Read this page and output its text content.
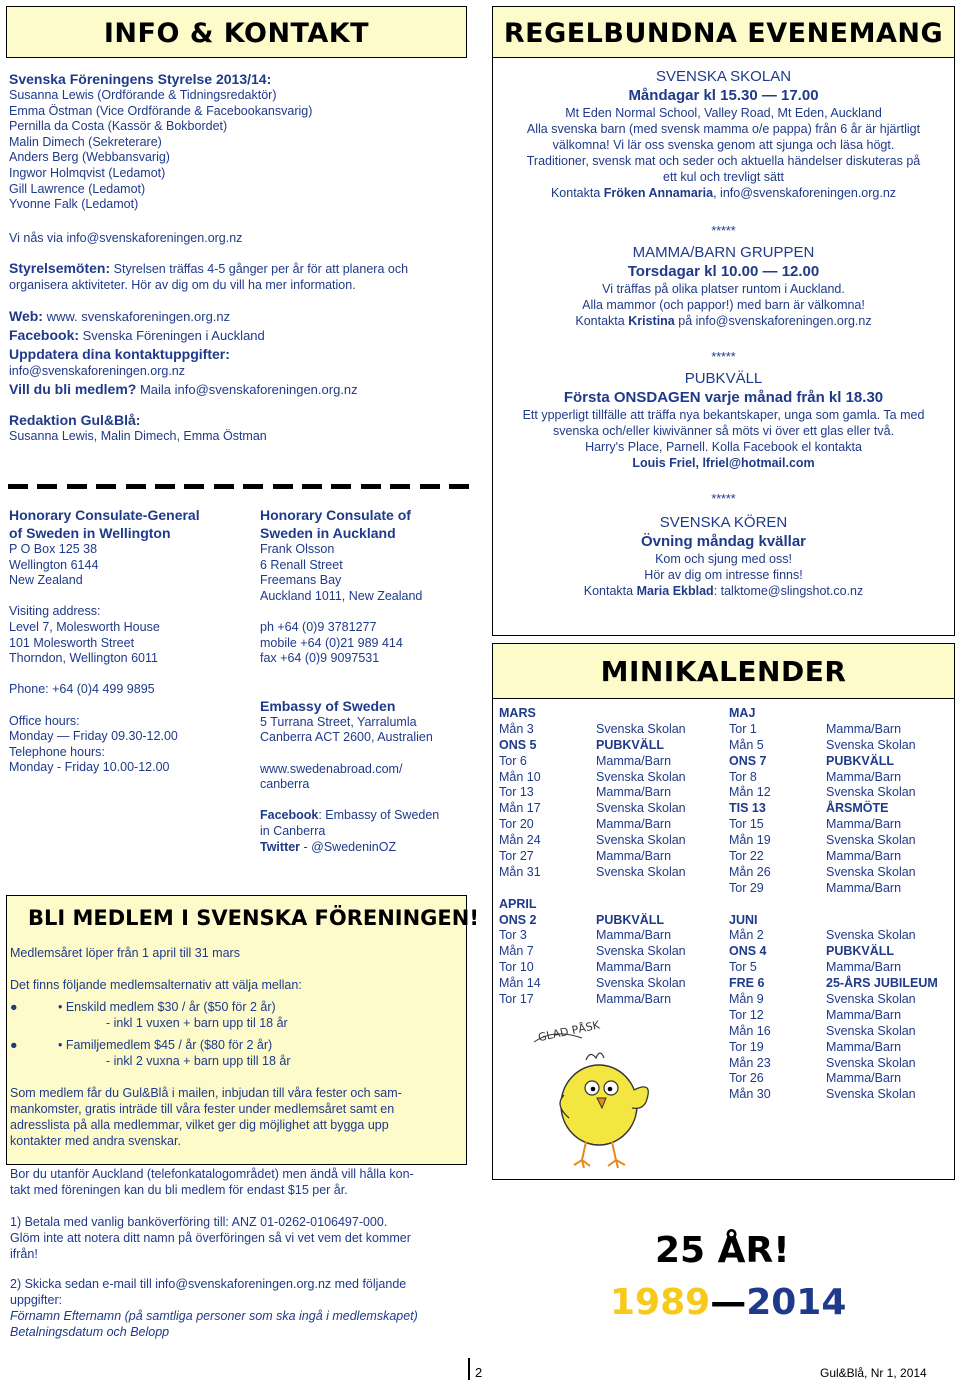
INFO & KONTAKT
Svenska Föreningens Styrelse 2013/14:
Susanna Lewis (Ordförande & Tidningsredaktör)
Emma Östman (Vice Ordförande & Facebookansvarig)
Pernilla da Costa (Kassör & Bokbordet)
Malin Dimech (Sekreterare)
Anders Berg (Webbansvarig)
Ingwor Holmqvist (Ledamot)
Gill Lawrence (Ledamot)
Yvonne Falk (Ledamot)
Vi nås via info@svenskaforeningen.org.nz
Styrelsemöten: Styrelsen träffas 4-5 gånger per år för att planera och
organisera aktiviteter. Hör av dig om du vill ha mer information.
Web: www. svenskaforeningen.org.nz
Facebook: Svenska Föreningen i Auckland
Uppdatera dina kontaktuppgifter:
info@svenskaforeningen.org.nz
Vill du bli medlem? Maila info@svenskaforeningen.org.nz
Redaktion Gul&Blå:
Susanna Lewis, Malin Dimech, Emma Östman
Honorary Consulate-General
of Sweden in Wellington
P O Box 125 38
Wellington 6144
New Zealand

Visiting address:
Level 7, Molesworth House
101 Molesworth Street
Thorndon, Wellington 6011

Phone: +64 (0)4 499 9895

Office hours:
Monday — Friday 09.30-12.00
Telephone hours:
Monday - Friday 10.00-12.00
Honorary Consulate of
Sweden in Auckland
Frank Olsson
6 Renall Street
Freemans Bay
Auckland 1011, New Zealand

ph +64 (0)9 3781277
mobile +64 (0)21 989 414
fax +64 (0)9 9097531
Embassy of Sweden
5 Turrana Street, Yarralumla
Canberra ACT 2600, Australien

www.swedenabroad.com/
canberra

Facebook: Embassy of Sweden
in Canberra
Twitter - @SwedeninOZ
BLI MEDLEM I SVENSKA FÖRENINGEN!
Medlemsåret löper från 1 april till 31 mars
Det finns följande medlemsalternativ att välja mellan:
●	• Enskild medlem $30 / år ($50 för 2 år)
- inkl 1 vuxen + barn upp til 18 år
●	• Familjemedlem $45 / år ($80 för 2 år)
- inkl 2 vuxna + barn upp till 18 år
Som medlem får du Gul&Blå i mailen, inbjudan till våra fester och sam-
mankomster, gratis inträde till våra fester under medlemsåret samt en
adresslista på alla medlemmar, vilket ger dig möjlighet att bygga upp
kontakter med andra svenskar.
Bor du utanför Auckland (telefonkatalogområdet) men ändå vill hålla kon-
takt med föreningen kan du bli medlem för endast $15 per år.
1) Betala med vanlig banköverföring till: ANZ 01-0262-0106497-000.
Glöm inte att notera ditt namn på överföringen så vi vet vem det kommer
ifrån!
2) Skicka sedan e-mail till info@svenskaforeningen.org.nz med följande
uppgifter:
Förnamn Efternamn (på samtliga personer som ska ingå i medlemskapet)
Betalningsdatum och Belopp
REGELBUNDNA EVENEMANG
SVENSKA SKOLAN
Måndagar kl 15.30 — 17.00
Mt Eden Normal School, Valley Road, Mt Eden, Auckland
Alla svenska barn (med svensk mamma o/e pappa) från 6 år är hjärtligt
välkomna! Vi lär oss svenska genom att sjunga och läsa högt.
Traditioner, svensk mat och seder och aktuella händelser diskuteras på
ett kul och trevligt sätt
Kontakta Fröken Annamaria, info@svenskaforeningen.org.nz
*****
MAMMA/BARN GRUPPEN
Torsdagar kl 10.00 — 12.00
Vi träffas på olika platser runtom i Auckland.
Alla mammor (och pappor!) med barn är välkomna!
Kontakta Kristina på info@svenskaforeningen.org.nz
*****
PUBKVÄLL
Första ONSDAGEN varje månad från kl 18.30
Ett ypperligt tillfälle att träffa nya bekantskaper, unga som gamla. Ta med
svenska och/eller kiwivänner så möts vi över ett glas eller två.
Harry's Place, Parnell. Kolla Facebook el kontakta
Louis Friel, lfriel@hotmail.com
*****
SVENSKA KÖREN
Övning måndag kvällar
Kom och sjung med oss!
Hör av dig om intresse finns!
Kontakta Maria Ekblad: talktome@slingshot.co.nz
MINIKALENDER
MARS
Mån 3	Svenska Skolan
ONS 5	PUBKVÄLL
Tor 6	Mamma/Barn
Mån 10	Svenska Skolan
Tor 13	Mamma/Barn
Mån 17	Svenska Skolan
Tor 20	Mamma/Barn
Mån 24	Svenska Skolan
Tor 27	Mamma/Barn
Mån 31	Svenska Skolan
APRIL
ONS 2	PUBKVÄLL
Tor 3	Mamma/Barn
Mån 7	Svenska Skolan
Tor 10	Mamma/Barn
Mån 14	Svenska Skolan
Tor 17	Mamma/Barn
MAJ
Tor 1	Mamma/Barn
Mån 5	Svenska Skolan
ONS 7	PUBKVÄLL
Tor 8	Mamma/Barn
Mån 12	Svenska Skolan
TIS 13	ÅRSMÖTE
Tor 15	Mamma/Barn
Mån 19	Svenska Skolan
Tor 22	Mamma/Barn
Mån 26	Svenska Skolan
Tor 29	Mamma/Barn
JUNI
Mån 2	Svenska Skolan
ONS 4	PUBKVÄLL
Tor 5	Mamma/Barn
FRE 6	25-ÅRS JUBILEUM
Mån 9	Svenska Skolan
Tor 12	Mamma/Barn
Mån 16	Svenska Skolan
Tor 19	Mamma/Barn
Mån 23	Svenska Skolan
Tor 26	Mamma/Barn
Mån 30	Svenska Skolan
GLAD PÅSK
25 ÅR!
1989—2014
2	Gul&Blå, Nr 1, 2014
